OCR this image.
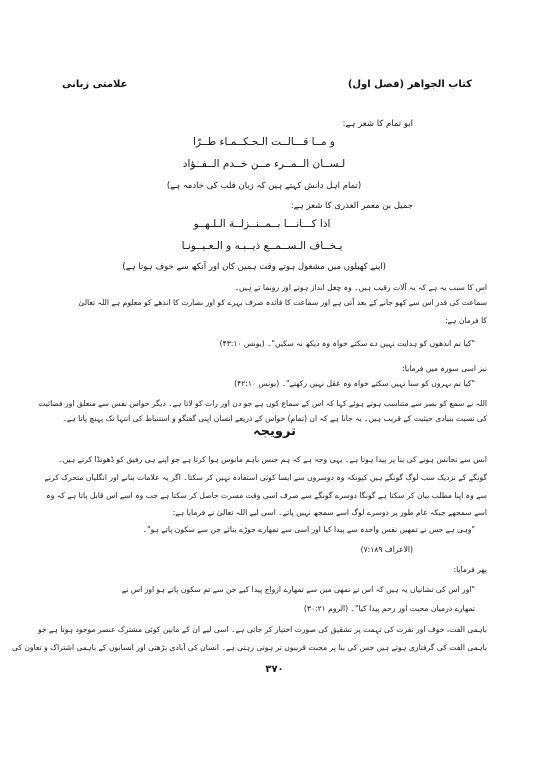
کتاب الجواهر (فصل اول)
علامتی زبانی
ابو تمام کا شعر ہے:
و مــا قـــالــت الـحـكــمـاء طــرّا
لـســان الــمــرء مــن خــدم الــفــؤاد
(تمام اہل دانش کہتے ہیں کہ زبان قلب کی خادمہ ہے)
جمیل بن معمر العذری کا شعر ہے:
اذا كـــانـــا بــمــنــزلــة الـلـهــو
يـخــاف الـســمــع ذيــبـه و الـعـيــونـا
(اپنے کھیلوں میں مشغول ہوتے وقت ہمیں کان اور آنکھ سے خوف ہوتا ہے)
اس کا سبب یہ ہے کہ یہ آلات رقیب ہیں۔ وہ چغل انداز ہوتے اور رونما تے ہیں۔
سماعت کی قدر اس سے کھو جانے کے بعد آتی ہے اور سماعت کا فائدہ صرف بہرے کو اور بصارت کا اندھے کو معلوم ہے اللہ تعالیٰ
کا فرمان ہے:
"کیا تم اندھوں کو ہدایت نہیں دے سکتے خواہ وہ دیکھ نہ سکیں"۔ (یونس ۴۳:۱۰)
نیز اسی سورہ میں فرمایا:
"کیا تم بہروں کو سنا نہیں سکتے خواہ وہ عقل نہیں رکھتے"۔ (یونس ۴۲:۱۰)
اللہ نے سمع کو بصر سے متناسب ہوتے ہوئے کہا کہ اس کے سماع کوں ہے جو دن اور رات کو لاتا ہے۔ دیگر حواس نفس سے متعلق اور فضائیت
کی نسبت بنیادی حیثیت کے قریب ہیں۔ یہ جانا ہے کہ ان (تمام) حواس کے ذریعے انسان اپنی گفتگو و استنباط کی انتہا تک پہنچ پاتا ہے۔
ترویجہ
انس سے تجانس ہونے کی بنا پر پیدا ہوتا ہے۔ یہی وجہ ہے کہ ہم جنس باہم مانوس ہوا کرتا ہے جو اپنے ہی رفیق کو ڈھونڈا کرتے ہیں۔
گونگے کے نزدیک سب لوگ گونگے ہیں کیونکہ وہ دوسروں سے ایسا کوئی استفادہ نہیں کر سکتا۔ اگر یہ علامات بنانے اور انگلیاں متحرک کرنے
سے وہ اپنا مطلب بیان کر سکتا ہے گونگا دوسرے گونگے سے صرف اسی وقت مسرت حاصل کر سکتا ہے جب وہ اسے اس قابل پاتا ہے کہ وہ
اسے سمجھے جبکہ عام طور پر دوسرے لوگ اسے سمجھ نہیں پاتے۔ اسی لیے اللہ تعالیٰ نے فرمایا ہے:
"وہی ہے جس نے تمھیں نفس واحدہ سے پیدا کیا اور اسی سے تمھارے جوڑے بنائے جن سے سکون پاتے ہو"۔
(الاعراف ۷:۱۸۹)
پھر فرمایا:
"اور اس کی نشانیاں یہ ہیں کہ اس نے تمھی میں سے تمھارے ازواج پیدا کیے جن سے تم سکون پاتے ہو اور اس نے
تمھارے درمیان محبت اور رحم پیدا کیا"۔ (الروم ۳۰:۲۱)
باہمی الفت، خوف اور نفرت کی تہمت پر تشقیق کی صورت اختیار کر جاتی ہے۔ اسی لیے ان کے مابین کوئی مشترک عنصر موجود ہوتا ہے جو
باہمی الفت کی گرفتاری ہوتے ہیں جس کی بنا پر محبت قریبوں تر ہوتی رہتی ہے۔ انسان کی آبادی بڑھتی اور انسانوں کے باہمی اشتراک و تعاون کی
۳۷۰
